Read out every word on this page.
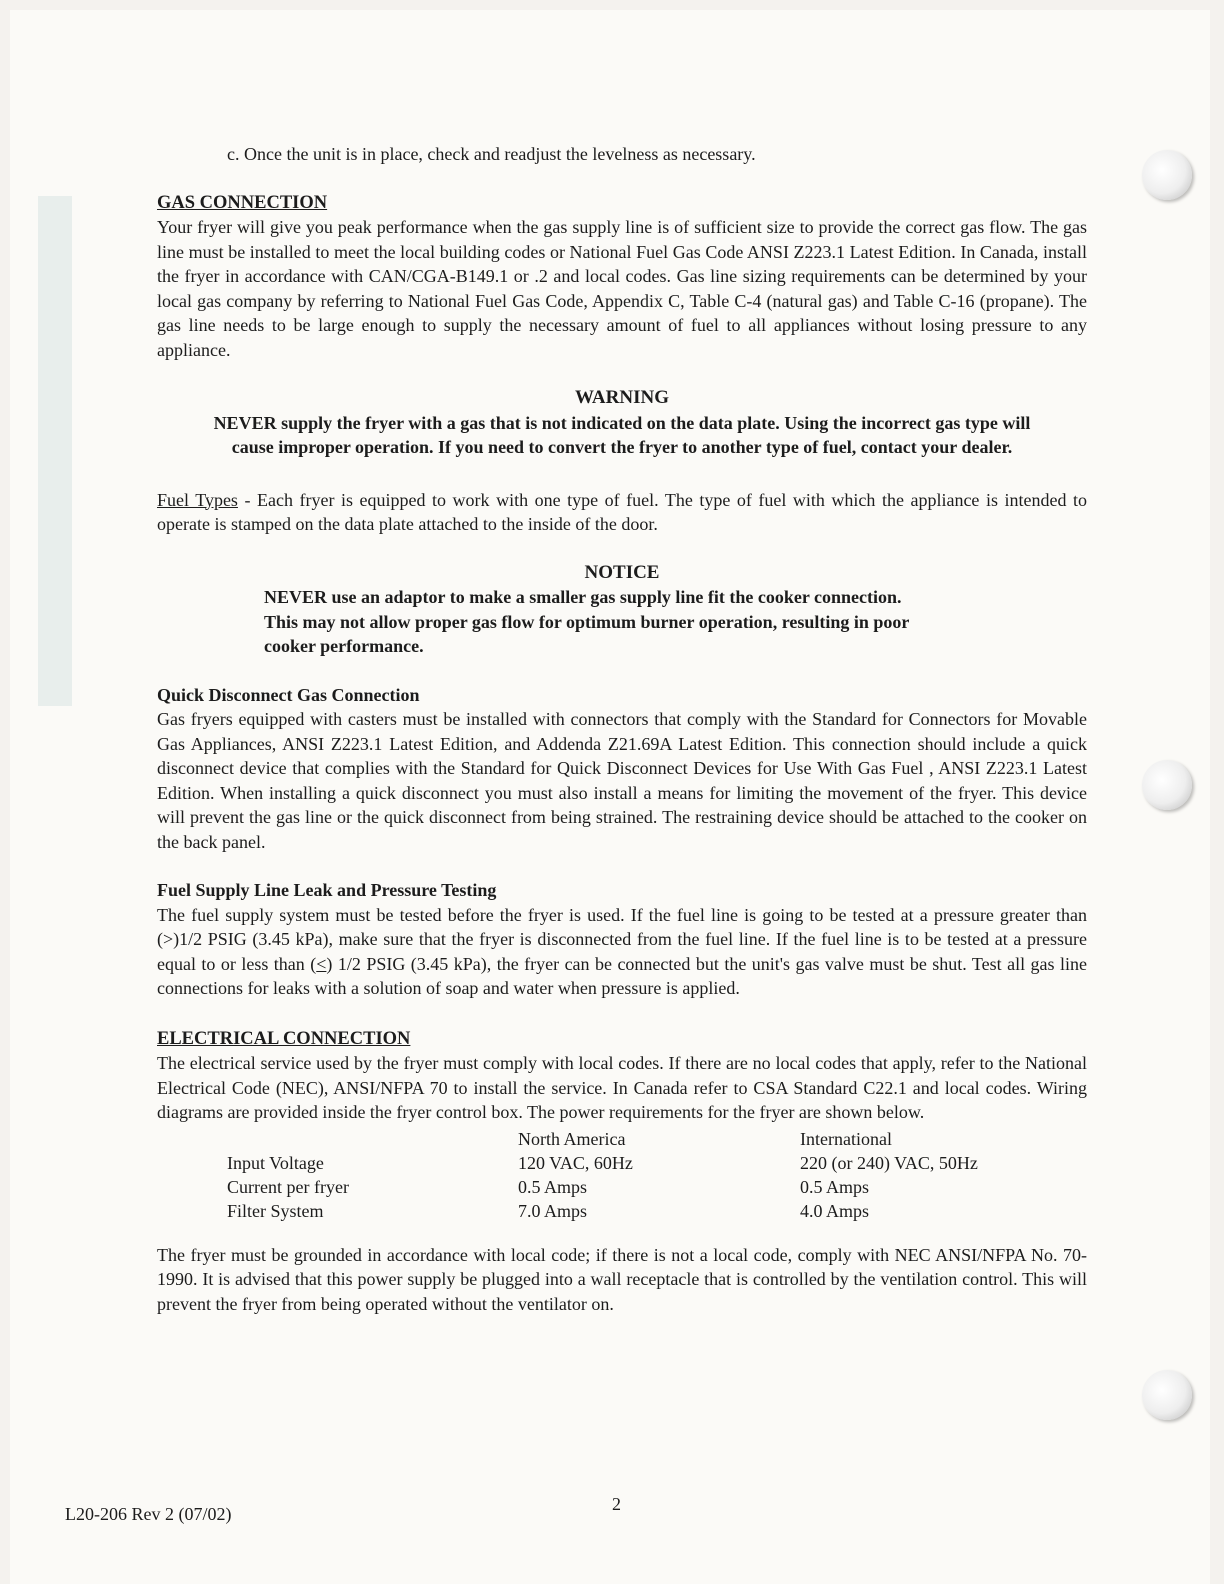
c. Once the unit is in place, check and readjust the levelness as necessary.

GAS CONNECTION

Your fryer will give you peak performance when the gas supply line is of sufficient size to provide the correct gas flow. The gas line must be installed to meet the local building codes or National Fuel Gas Code ANSI Z223.1 Latest Edition. In Canada, install the fryer in accordance with CAN/CGA-B149.1 or .2 and local codes. Gas line sizing requirements can be determined by your local gas company by referring to National Fuel Gas Code, Appendix C, Table C-4 (natural gas) and Table C-16 (propane). The gas line needs to be large enough to supply the necessary amount of fuel to all appliances without losing pressure to any appliance.

WARNING
NEVER supply the fryer with a gas that is not indicated on the data plate. Using the incorrect gas type will
cause improper operation. If you need to convert the fryer to another type of fuel, contact your dealer.

Fuel Types - Each fryer is equipped to work with one type of fuel. The type of fuel with which the appliance is intended to operate is stamped on the data plate attached to the inside of the door.

NOTICE
NEVER use an adaptor to make a smaller gas supply line fit the cooker connection.
This may not allow proper gas flow for optimum burner operation, resulting in poor
cooker performance.
Quick Disconnect Gas Connection

Gas fryers equipped with casters must be installed with connectors that comply with the Standard for Connectors for Movable Gas Appliances, ANSI Z223.1 Latest Edition, and Addenda Z21.69A Latest Edition. This connection should include a quick disconnect device that complies with the Standard for Quick Disconnect Devices for Use With Gas Fuel , ANSI Z223.1 Latest Edition. When installing a quick disconnect you must also install a means for limiting the movement of the fryer. This device will prevent the gas line or the quick disconnect from being strained. The restraining device should be attached to the cooker on the back panel.

Fuel Supply Line Leak and Pressure Testing

The fuel supply system must be tested before the fryer is used. If the fuel line is going to be tested at a pressure greater than (>)1/2 PSIG (3.45 kPa), make sure that the fryer is disconnected from the fuel line. If the fuel line is to be tested at a pressure equal to or less than (<) 1/2 PSIG (3.45 kPa), the fryer can be connected but the unit's gas valve must be shut. Test all gas line connections for leaks with a solution of soap and water when pressure is applied.

ELECTRICAL CONNECTION

The electrical service used by the fryer must comply with local codes. If there are no local codes that apply, refer to the National Electrical Code (NEC), ANSI/NFPA 70 to install the service. In Canada refer to CSA Standard C22.1 and local codes. Wiring diagrams are provided inside the fryer control box. The power requirements for the fryer are shown below.

Input Voltage
Current per fryer
Filter System
North America
120 VAC, 60Hz
0.5 Amps
7.0 Amps
International
220 (or 240) VAC, 50Hz
0.5 Amps
4.0 Amps

The fryer must be grounded in accordance with local code; if there is not a local code, comply with NEC ANSI/NFPA No. 70-1990. It is advised that this power supply be plugged into a wall receptacle that is controlled by the ventilation control. This will prevent the fryer from being operated without the ventilator on.

L20-206 Rev 2 (07/02)	2
